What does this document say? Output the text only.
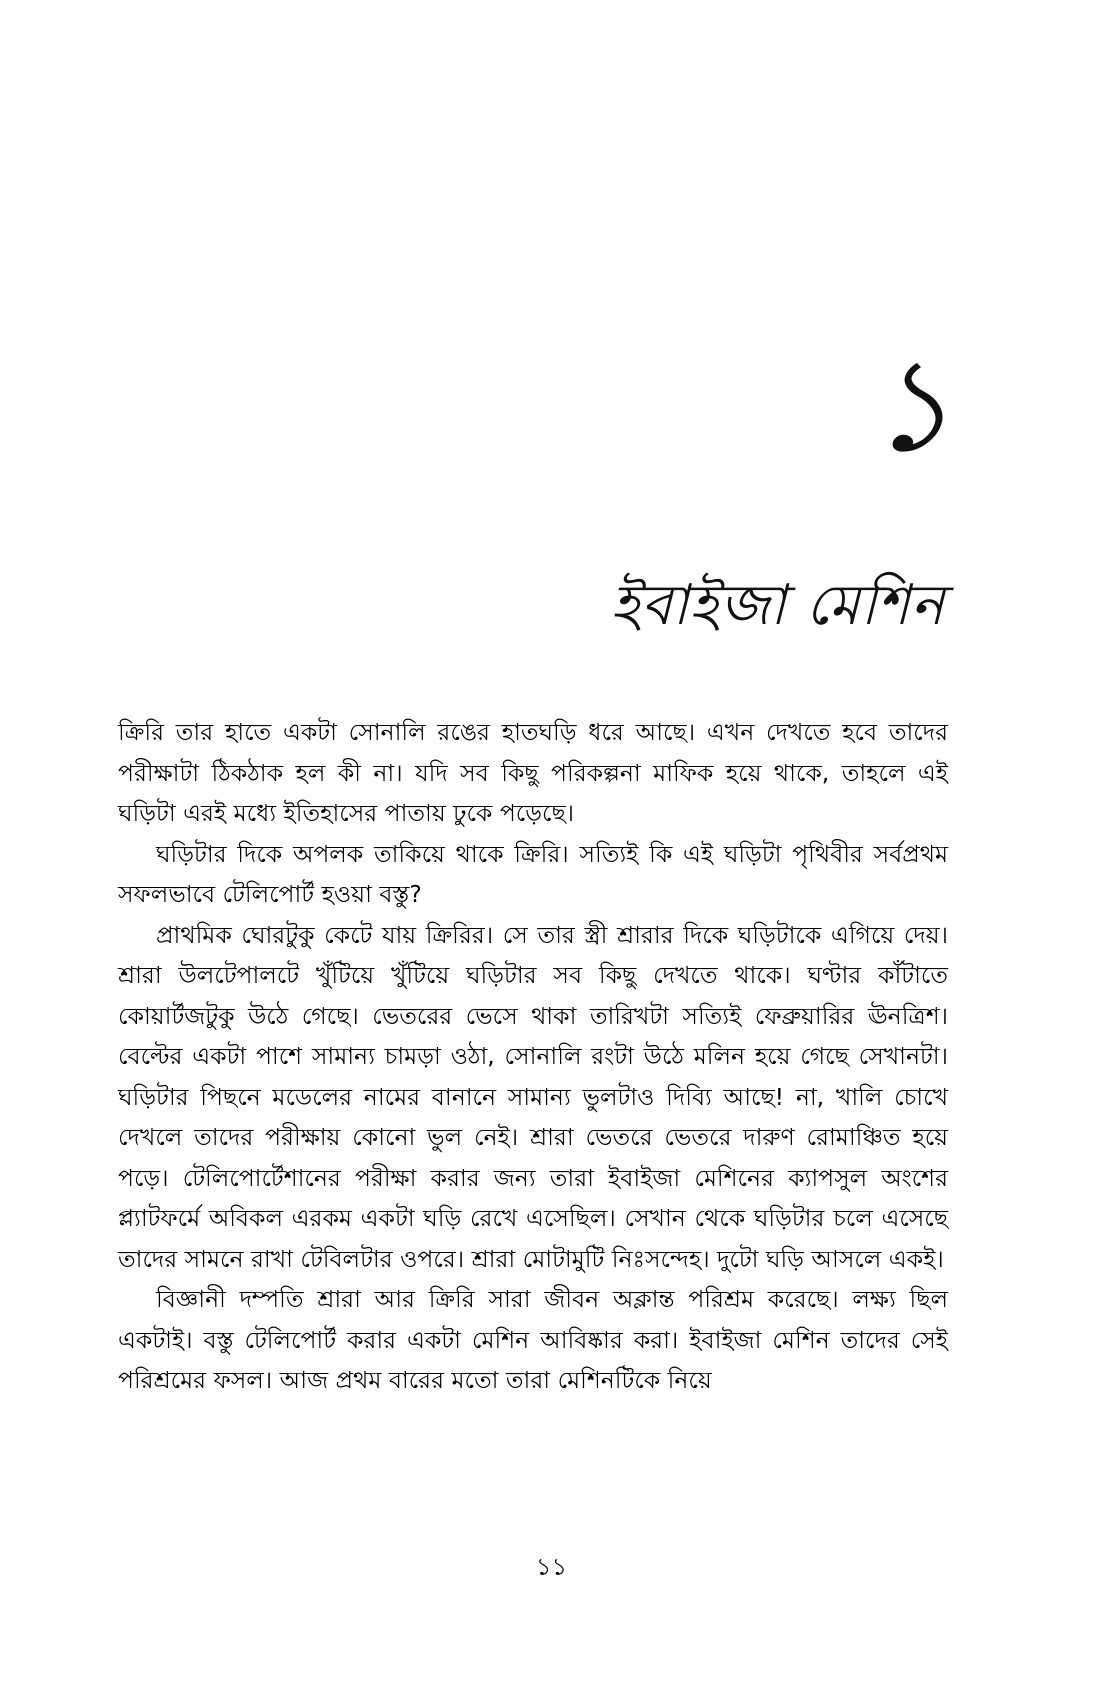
১
ইবাইজা মেশিন

ক্রিরি তার হাতে একটা সোনালি রঙের হাতঘড়ি ধরে আছে। এখন দেখতে হবে তাদের পরীক্ষাটা ঠিকঠাক হল কী না। যদি সব কিছু পরিকল্পনা মাফিক হয়ে থাকে, তাহলে এই ঘড়িটা এরই মধ্যে ইতিহাসের পাতায় ঢুকে পড়েছে।

ঘড়িটার দিকে অপলক তাকিয়ে থাকে ক্রিরি। সত্যিই কি এই ঘড়িটা পৃথিবীর সর্বপ্রথম সফলভাবে টেলিপোর্ট হওয়া বস্তু?

প্রাথমিক ঘোরটুকু কেটে যায় ক্রিরির। সে তার স্ত্রী শ্রারার দিকে ঘড়িটাকে এগিয়ে দেয়। শ্রারা উলটেপালটে খুঁটিয়ে খুঁটিয়ে ঘড়িটার সব কিছু দেখতে থাকে। ঘণ্টার কাঁটাতে কোয়ার্টজটুকু উঠে গেছে। ভেতরের ভেসে থাকা তারিখটা সত্যিই ফেব্রুয়ারির ঊনত্রিশ। বেল্টের একটা পাশে সামান্য চামড়া ওঠা, সোনালি রংটা উঠে মলিন হয়ে গেছে সেখানটা। ঘড়িটার পিছনে মডেলের নামের বানানে সামান্য ভুলটাও দিব্যি আছে! না, খালি চোখে দেখলে তাদের পরীক্ষায় কোনো ভুল নেই। শ্রারা ভেতরে ভেতরে দারুণ রোমাঞ্চিত হয়ে পড়ে। টেলিপোর্টেশানের পরীক্ষা করার জন্য তারা ইবাইজা মেশিনের ক্যাপসুল অংশের প্ল্যাটফর্মে অবিকল এরকম একটা ঘড়ি রেখে এসেছিল। সেখান থেকে ঘড়িটার চলে এসেছে তাদের সামনে রাখা টেবিলটার ওপরে। শ্রারা মোটামুটি নিঃসন্দেহ। দুটো ঘড়ি আসলে একই।

বিজ্ঞানী দম্পতি শ্রারা আর ক্রিরি সারা জীবন অক্লান্ত পরিশ্রম করেছে। লক্ষ্য ছিল একটাই। বস্তু টেলিপোর্ট করার একটা মেশিন আবিষ্কার করা। ইবাইজা মেশিন তাদের সেই পরিশ্রমের ফসল। আজ প্রথম বারের মতো তারা মেশিনটিকে নিয়ে

১১
